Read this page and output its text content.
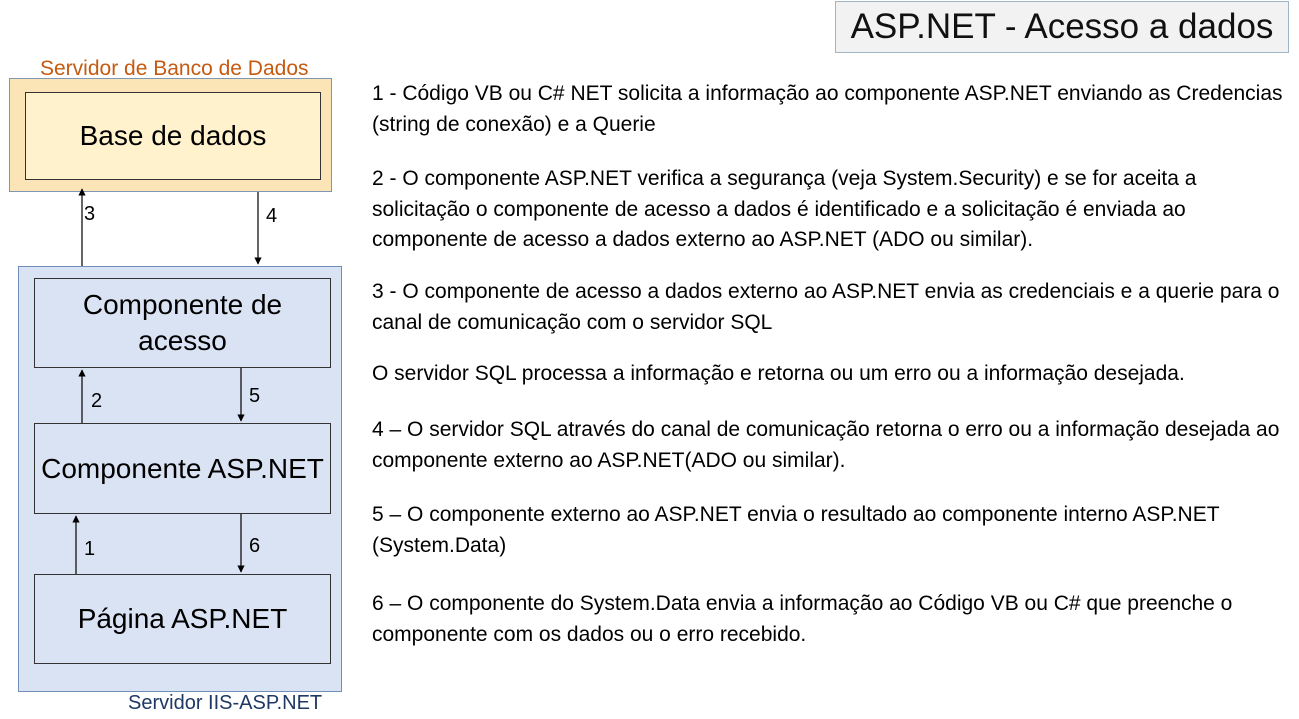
ASP.NET - Acesso a dados
Base de dados
Servidor de Banco de Dados
Componente de acesso
Componente ASP.NET
Página ASP.NET
Servidor IIS-ASP.NET
3	4
2	5
1	6
1 - Código VB ou C# NET solicita a informação ao componente ASP.NET enviando as Credencias (string de conexão) e a Querie
2 - O componente ASP.NET verifica a segurança (veja System.Security) e se for aceita a solicitação o componente de acesso a dados é identificado e a solicitação é enviada ao componente de acesso a dados externo ao ASP.NET (ADO ou similar).
3 - O componente de acesso a dados externo ao ASP.NET envia as credenciais e a querie para o canal de comunicação com o servidor SQL
O servidor SQL processa a informação e retorna ou um erro ou a informação desejada.
4 – O servidor SQL através do canal de comunicação retorna o erro ou a informação desejada ao componente externo ao ASP.NET(ADO ou similar).
5 – O componente externo ao ASP.NET envia o resultado ao componente interno ASP.NET (System.Data)
6 – O componente do System.Data envia a informação ao Código VB ou C# que preenche o componente com os dados ou o erro recebido.
